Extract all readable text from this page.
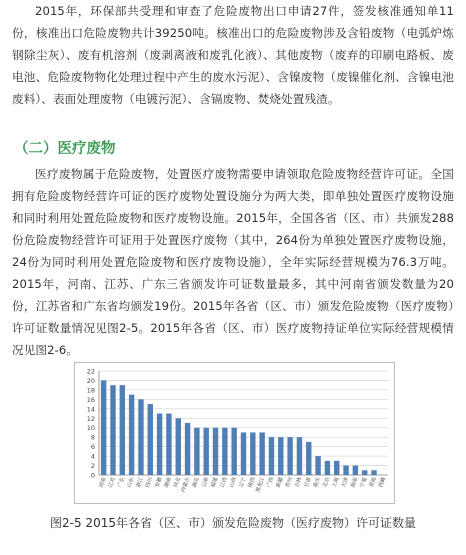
2015年，环保部共受理和审查了危险废物出口申请27件，签发核准通知单11份，核准出口危险废物共计39250吨。核准出口的危险废物涉及含铅废物（电弧炉炼钢除尘灰）、废有机溶剂（废剥离液和废乳化液）、其他废物（废弃的印刷电路板、废电池、危险废物物化处理过程中产生的废水污泥）、含镍废物（废镍催化剂、含镍电池废料）、表面处理废物（电镀污泥）、含镉废物、焚烧处置残渣。

（二）医疗废物

医疗废物属于危险废物，处置医疗废物需要申请领取危险废物经营许可证。全国拥有危险废物经营许可证的医疗废物处置设施分为两大类，即单独处置医疗废物设施和同时利用处置危险废物和医疗废物设施。2015年，全国各省（区、市）共颁发288份危险废物经营许可证用于处置医疗废物（其中，264份为单独处置医疗废物设施，24份为同时利用处置危险废物和医疗废物设施），全年实际经营规模为76.3万吨。2015年，河南、江苏、广东三省颁发许可证数量最多，其中河南省颁发数量为20份，江苏省和广东省均颁发19份。2015年各省（区、市）颁发危险废物（医疗废物）许可证数量情况见图2-5。2015年各省（区、市）医疗废物持证单位实际经营规模情况见图2-6。

0
2
4
6
8
10
12
14
16
18
20
22
河南 江苏 广东 山东 浙江 四川 安徽 湖南 河北
内蒙古 湖北 云南 福建 江西 山西 辽宁 陕西
黑龙江 广西 新疆 贵州 吉林 甘肃 重庆 北京 上海 天津 海南 宁夏 青海 西藏

图2-5 2015年各省（区、市）颁发危险废物（医疗废物）许可证数量
